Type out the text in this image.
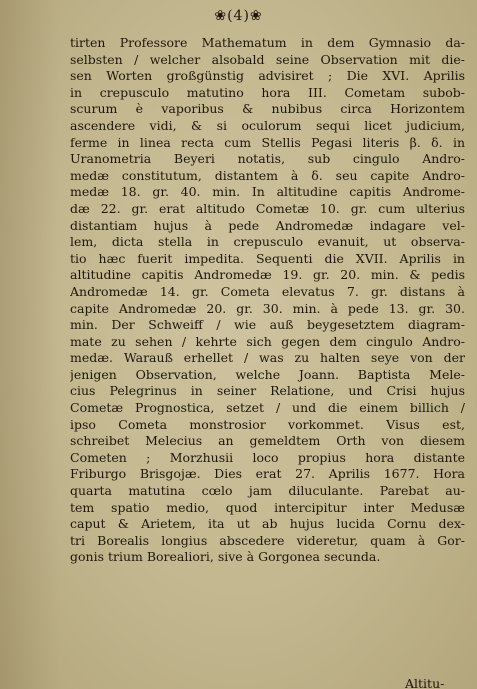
❀(4)❀
tirten Professore Mathematum in dem Gymnasio da-
selbsten / welcher alsobald seine Observation mit die-
sen Worten großgünstig advisiret ; Die XVI. Aprilis
in crepusculo matutino hora III. Cometam subob-
scurum è vaporibus & nubibus circa Horizontem
ascendere vidi, & si oculorum sequi licet judicium,
ferme in linea recta cum Stellis Pegasi literis β. δ. in
Uranometria Beyeri notatis, sub cingulo Andro-
medæ constitutum, distantem à δ. seu capite Andro-
medæ 18. gr. 40. min. In altitudine capitis Androme-
dæ 22. gr. erat altitudo Cometæ 10. gr. cum ulterius
distantiam hujus à pede Andromedæ indagare vel-
lem, dicta stella in crepusculo evanuit, ut observa-
tio hæc fuerit impedita. Sequenti die XVII. Aprilis in
altitudine capitis Andromedæ 19. gr. 20. min. & pedis
Andromedæ 14. gr. Cometa elevatus 7. gr. distans à
capite Andromedæ 20. gr. 30. min. à pede 13. gr. 30.
min. Der Schweiff / wie auß beygesetztem diagram-
mate zu sehen / kehrte sich gegen dem cingulo Andro-
medæ. Warauß erhellet / was zu halten seye von der
jenigen Observation, welche Joann. Baptista Mele-
cius Pelegrinus in seiner Relatione, und Crisi hujus
Cometæ Prognostica, setzet / und die einem billich /
ipso Cometa monstrosior vorkommet. Visus est,
schreibet Melecius an gemeldtem Orth von diesem
Cometen ; Morzhusii loco propius hora distante
Friburgo Brisgojæ. Dies erat 27. Aprilis 1677. Hora
quarta matutina cœlo jam diluculante. Parebat au-
tem spatio medio, quod intercipitur inter Medusæ
caput & Arietem, ita ut ab hujus lucida Cornu dex-
tri Borealis longius abscedere videretur, quam à Gor-
gonis trium Borealiori, sive à Gorgonea secunda.
Altitu-
